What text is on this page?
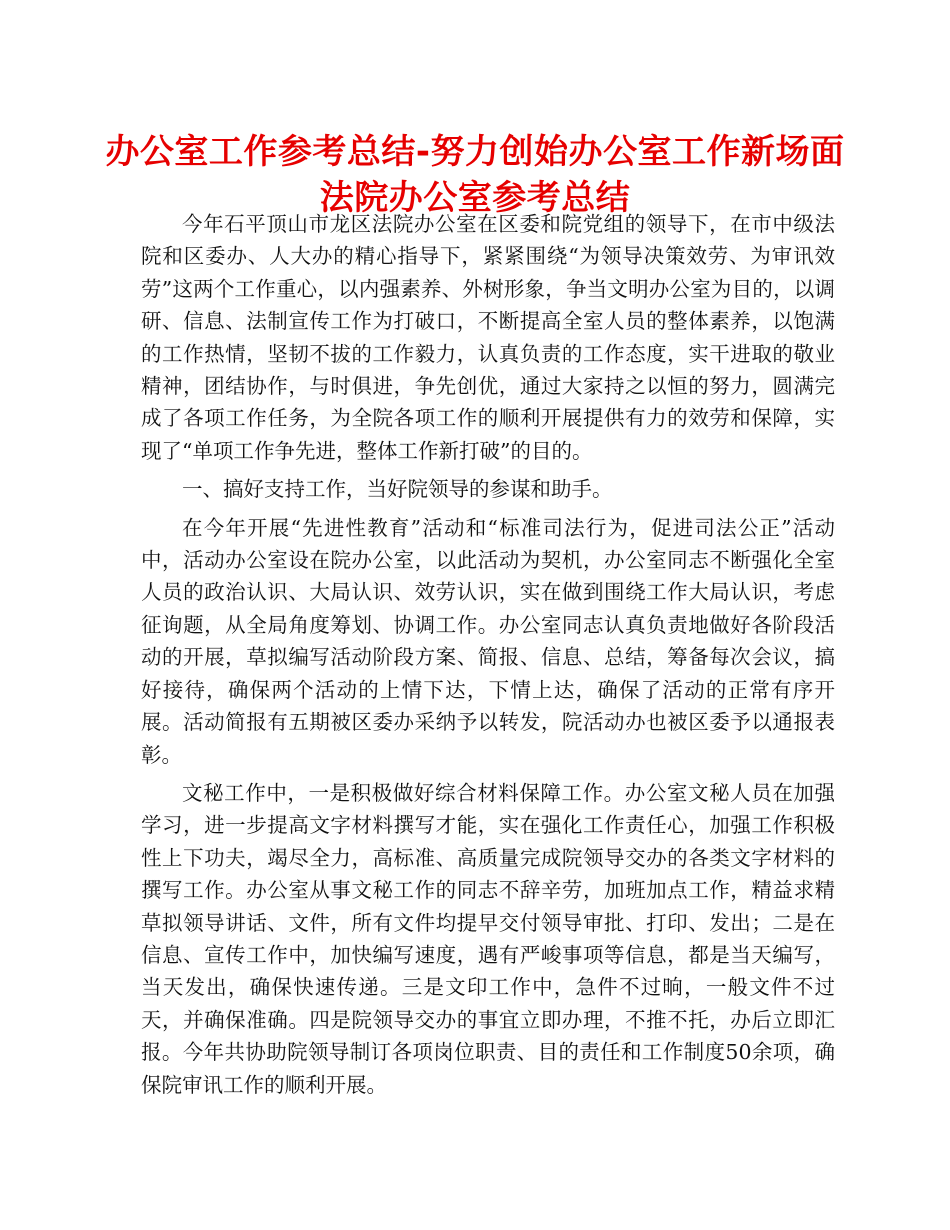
办公室工作参考总结-努力创始办公室工作新场面
法院办公室参考总结

今年石平顶山市龙区法院办公室在区委和院党组的领导下，在市中级法院和区委办、人大办的精心指导下，紧紧围绕“为领导决策效劳、为审讯效劳”这两个工作重心，以内强素养、外树形象，争当文明办公室为目的，以调研、信息、法制宣传工作为打破口，不断提高全室人员的整体素养，以饱满的工作热情，坚韧不拔的工作毅力，认真负责的工作态度，实干进取的敬业精神，团结协作，与时俱进，争先创优，通过大家持之以恒的努力，圆满完成了各项工作任务，为全院各项工作的顺利开展提供有力的效劳和保障，实现了“单项工作争先进，整体工作新打破”的目的。

一、搞好支持工作，当好院领导的参谋和助手。

在今年开展“先进性教育”活动和“标准司法行为，促进司法公正”活动中，活动办公室设在院办公室，以此活动为契机，办公室同志不断强化全室人员的政治认识、大局认识、效劳认识，实在做到围绕工作大局认识，考虑征询题，从全局角度筹划、协调工作。办公室同志认真负责地做好各阶段活动的开展，草拟编写活动阶段方案、简报、信息、总结，筹备每次会议，搞好接待，确保两个活动的上情下达，下情上达，确保了活动的正常有序开展。活动简报有五期被区委办采纳予以转发，院活动办也被区委予以通报表彰。

文秘工作中，一是积极做好综合材料保障工作。办公室文秘人员在加强学习，进一步提高文字材料撰写才能，实在强化工作责任心，加强工作积极性上下功夫，竭尽全力，高标准、高质量完成院领导交办的各类文字材料的撰写工作。办公室从事文秘工作的同志不辞辛劳，加班加点工作，精益求精草拟领导讲话、文件，所有文件均提早交付领导审批、打印、发出；二是在信息、宣传工作中，加快编写速度，遇有严峻事项等信息，都是当天编写，当天发出，确保快速传递。三是文印工作中，急件不过晌，一般文件不过天，并确保准确。四是院领导交办的事宜立即办理，不推不托，办后立即汇报。今年共协助院领导制订各项岗位职责、目的责任和工作制度50余项，确保院审讯工作的顺利开展。
